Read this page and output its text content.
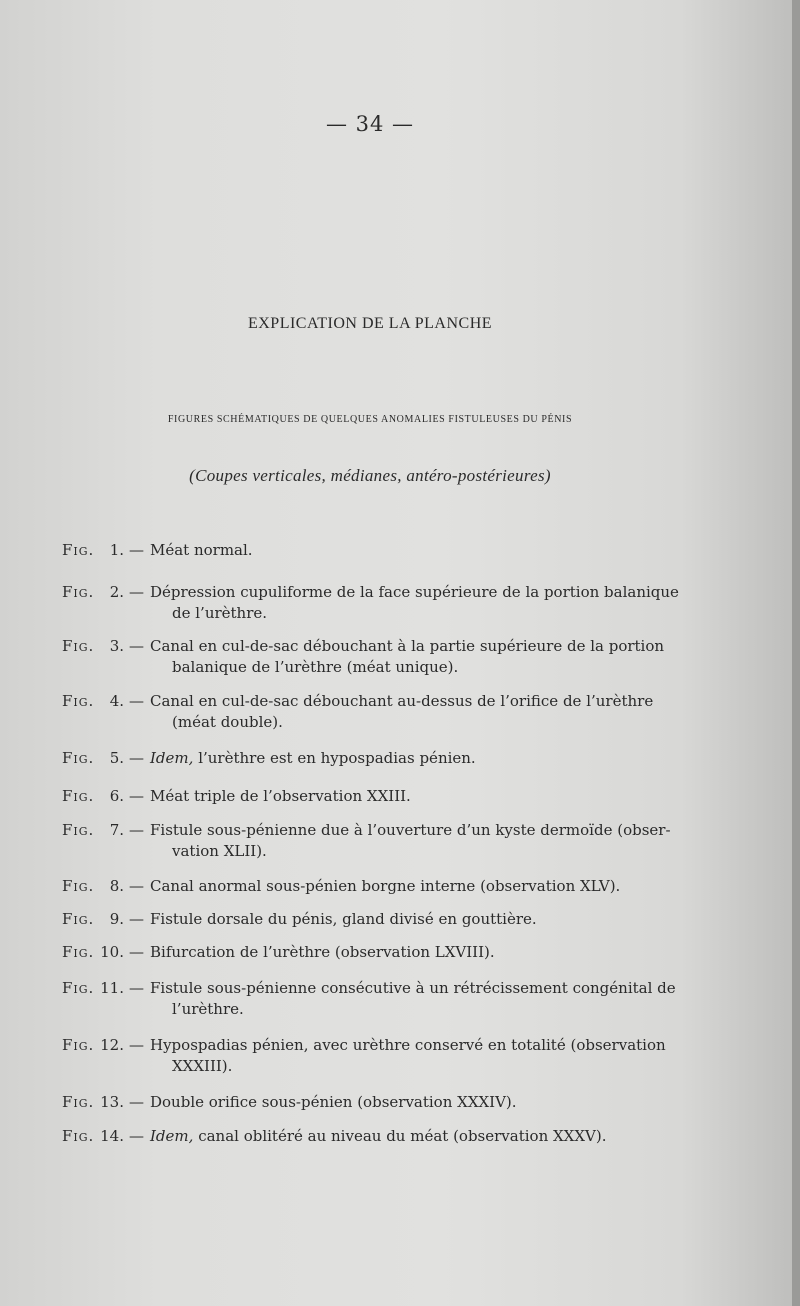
— 34 —
EXPLICATION DE LA PLANCHE
FIGURES SCHÉMATIQUES DE QUELQUES ANOMALIES FISTULEUSES DU PÉNIS
(Coupes verticales, médianes, antéro-postérieures)
Fig.	1. — Méat normal.
Fig.	2. — Dépression cupuliforme de la face supérieure de la portion balanique
de l’urèthre.
Fig.	3. — Canal en cul-de-sac débouchant à la partie supérieure de la portion
balanique de l’urèthre (méat unique).
Fig.	4. — Canal en cul-de-sac débouchant au-dessus de l’orifice de l’urèthre
(méat double).
Fig.	5. — Idem, l’urèthre est en hypospadias pénien.
Fig.	6. — Méat triple de l’observation XXIII.
Fig.	7. — Fistule sous-pénienne due à l’ouverture d’un kyste dermoïde (obser-
vation XLII).
Fig.	8. — Canal anormal sous-pénien borgne interne (observation XLV).
Fig.	9. — Fistule dorsale du pénis, gland divisé en gouttière.
Fig. 10. — Bifurcation de l’urèthre (observation LXVIII).
Fig. 11. — Fistule sous-pénienne consécutive à un rétrécissement congénital de
l’urèthre.
Fig. 12. — Hypospadias pénien, avec urèthre conservé en totalité (observation
XXXIII).
Fig. 13. — Double orifice sous-pénien (observation XXXIV).
Fig. 14. — Idem, canal oblitéré au niveau du méat (observation XXXV).
